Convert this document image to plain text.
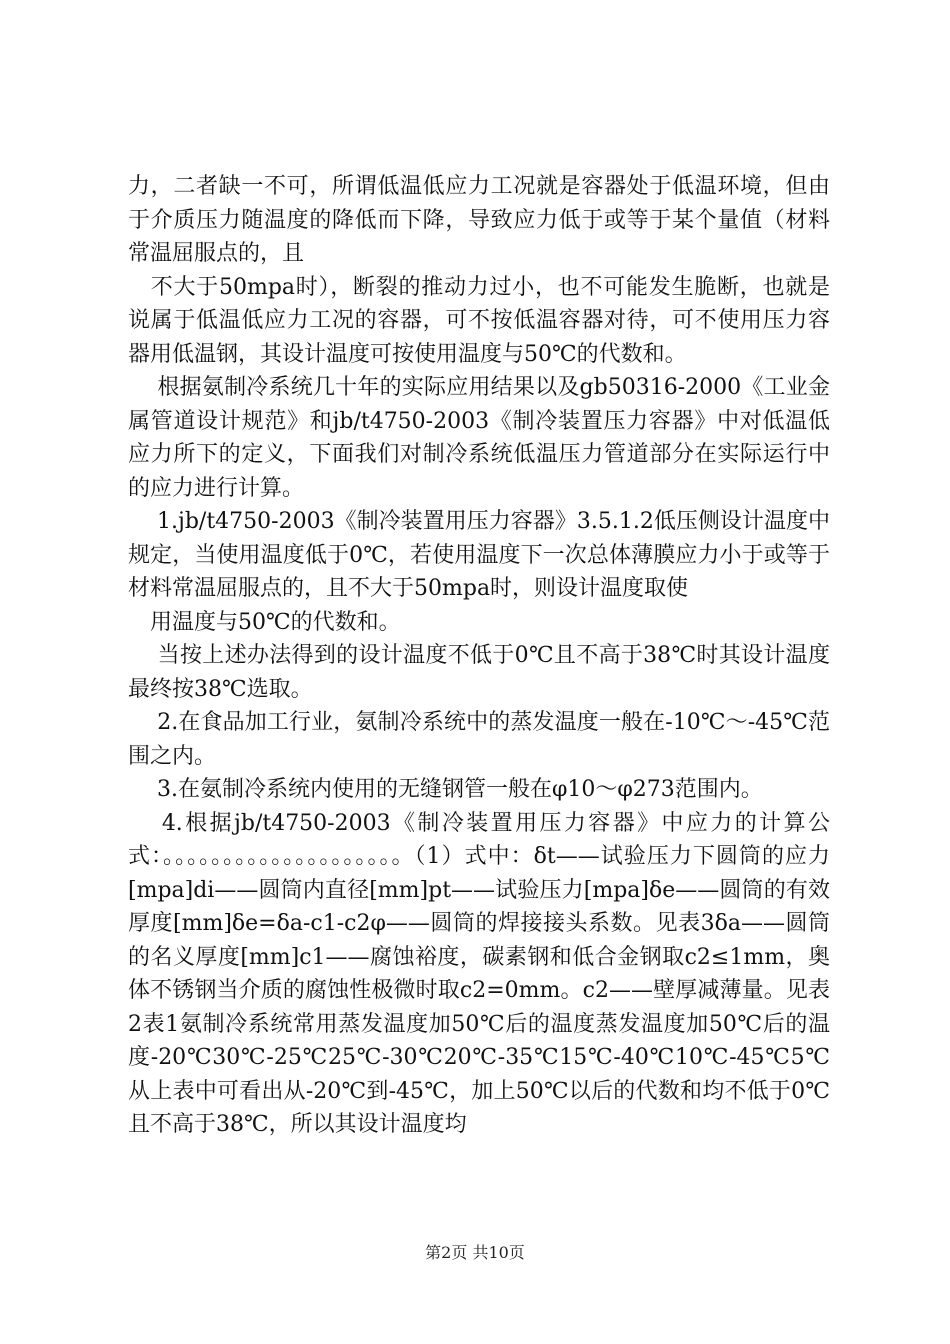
力，二者缺一不可，所谓低温低应力工况就是容器处于低温环境，但由于介质压力随温度的降低而下降，导致应力低于或等于某个量值（材料常温屈服点的，且

　不大于50mpa时），断裂的推动力过小，也不可能发生脆断，也就是说属于低温低应力工况的容器，可不按低温容器对待，可不使用压力容器用低温钢，其设计温度可按使用温度与50℃的代数和。

　 根据氨制冷系统几十年的实际应用结果以及gb50316-2000《工业金属管道设计规范》和jb/t4750-2003《制冷装置压力容器》中对低温低应力所下的定义，下面我们对制冷系统低温压力管道部分在实际运行中的应力进行计算。

　 1.jb/t4750-2003《制冷装置用压力容器》3.5.1.2低压侧设计温度中规定，当使用温度低于0℃，若使用温度下一次总体薄膜应力小于或等于材料常温屈服点的，且不大于50mpa时，则设计温度取使

　用温度与50℃的代数和。

　 当按上述办法得到的设计温度不低于0℃且不高于38℃时其设计温度最终按38℃选取。

　 2.在食品加工行业，氨制冷系统中的蒸发温度一般在-10℃～-45℃范围之内。

　 3.在氨制冷系统内使用的无缝钢管一般在φ10～φ273范围内。

　 4.根据jb/t4750-2003《制冷装置用压力容器》中应力的计算公式：。。。。。。。。。。。。。。。。。。。。（1）式中：δt——试验压力下圆筒的应力[mpa]di——圆筒内直径[mm]pt——试验压力[mpa]δe——圆筒的有效厚度[mm]δe=δa-c1-c2φ——圆筒的焊接接头系数。见表3δa——圆筒的名义厚度[mm]c1——腐蚀裕度，碳素钢和低合金钢取c2≤1mm，奥体不锈钢当介质的腐蚀性极微时取c2=0mm。c2——壁厚减薄量。见表2表1氨制冷系统常用蒸发温度加50℃后的温度蒸发温度加50℃后的温度-20℃30℃-25℃25℃-30℃20℃-35℃15℃-40℃10℃-45℃5℃从上表中可看出从-20℃到-45℃，加上50℃以后的代数和均不低于0℃且不高于38℃，所以其设计温度均

第2页 共10页
